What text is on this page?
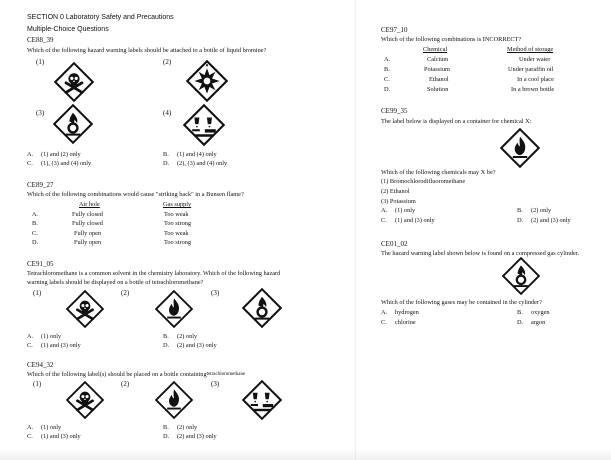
SECTION 0 Laboratory Safety and Precautions
Multiple-Choice Questions
CE88_39
Which of the following hazard warning labels should be attached to a bottle of liquid bromine?
(1)	(2)
(3)	(4)
A. (1) and (2) only	B. (1) and (4) only
C. (1), (3) and (4) only	D. (2), (3) and (4) only
CE89_27
Which of the following combinations would cause "striking back" in a Bunsen flame?
Air hole	Gas supply
A.	Fully closed	Too weak
B.	Fully closed	Too strong
C.	Fully open	Too weak
D.	Fully open	Too strong
CE91_05
Tetrachloromethane is a common solvent in the chemistry laboratory. Which of the following hazard
warning labels should be displayed on a bottle of tetrachloromethane?
(1)	(2)	(3)
A. (1) only	B. (2) only
C. (1) and (3) only	D. (2) and (3) only
CE94_32
Which of the following label(s) should be placed on a bottle containingtetrachloromethane
(1)	(2)	(3)
A. (1) only	B. (2) only
C. (1) and (3) only	D. (2) and (3) only
CE97_10
Which of the following combinations is INCORRECT?
Chemical	Method of storage
A.	Calcium	Under water
B.	Potassium	Under paraffin oil
C.	Ethanol	In a cool place
D.	Solution	In a brown bottle
CE99_35
The label below is displayed on a container for chemical X:
Which of the following chemicals may X be?
(1) Bromochlorodifluoromethane
(2) Ethanol
(3) Potassium
A. (1) only	B. (2) only
C. (1) and (3) only	D. (2) and (3) only
CE01_02
The hazard warning label shown below is found on a compressed gas cylinder.
Which of the following gases may be contained in the cylinder?
A. hydrogen	B. oxygen
C. chlorine	D. argon
